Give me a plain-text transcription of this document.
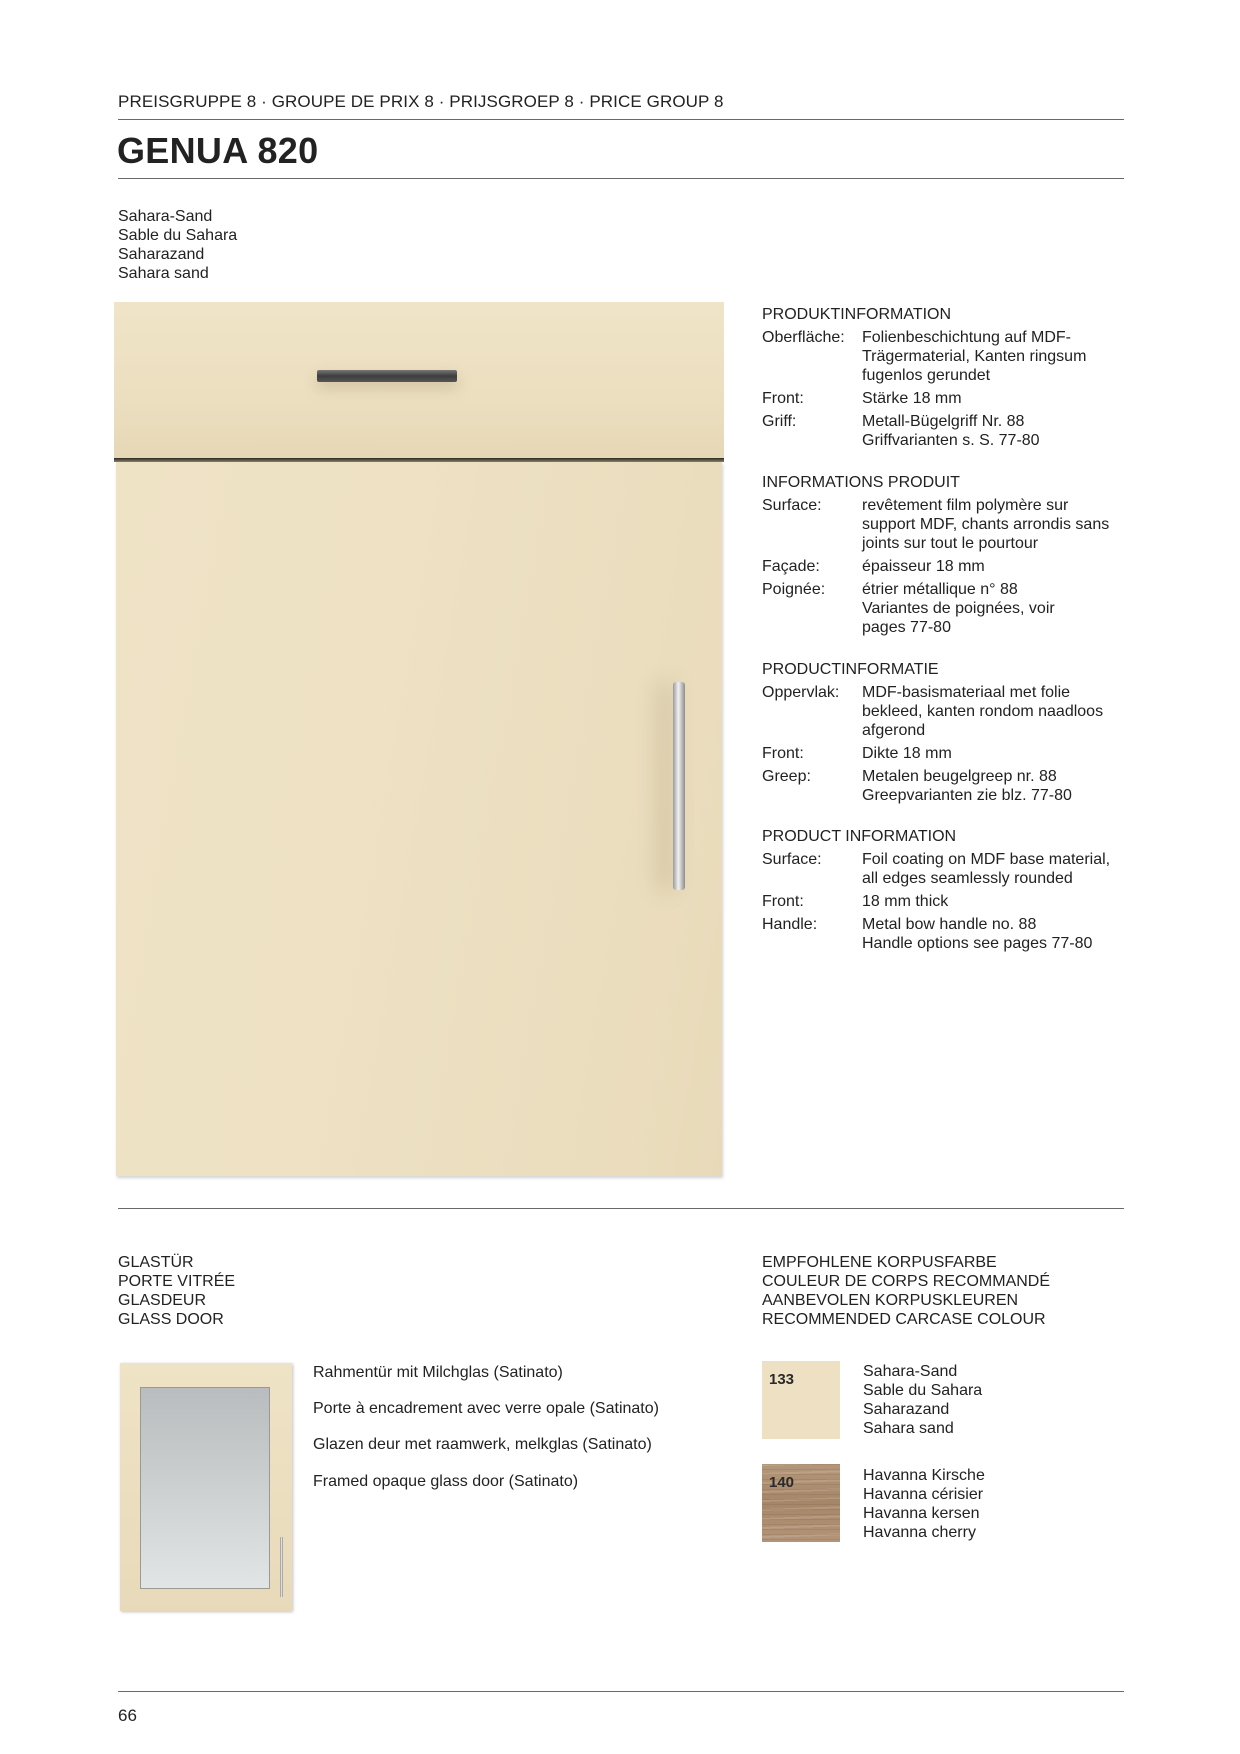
PREISGRUPPE 8 · GROUPE DE PRIX 8 · PRIJSGROEP 8 · PRICE GROUP 8
GENUA 820
Sahara-Sand
Sable du Sahara
Saharazand
Sahara sand
PRODUKTINFORMATION
Oberfläche:	Folienbeschichtung auf MDF-
Trägermaterial, Kanten ringsum
fugenlos gerundet
Front:	Stärke 18 mm
Griff:	Metall-Bügelgriff Nr. 88
Griffvarianten s. S. 77-80
INFORMATIONS PRODUIT
Surface:	revêtement film polymère sur
support MDF, chants arrondis sans
joints sur tout le pourtour
Façade:	épaisseur 18 mm
Poignée:	étrier métallique n° 88
Variantes de poignées, voir
pages 77-80
PRODUCTINFORMATIE
Oppervlak:	MDF-basismateriaal met folie
bekleed, kanten rondom naadloos
afgerond
Front:	Dikte 18 mm
Greep:	Metalen beugelgreep nr. 88
Greepvarianten zie blz. 77-80
PRODUCT INFORMATION
Surface:	Foil coating on MDF base material,
all edges seamlessly rounded
Front:	18 mm thick
Handle:	Metal bow handle no. 88
Handle options see pages 77-80
GLASTÜR
PORTE VITRÉE
GLASDEUR
GLASS DOOR
Rahmentür mit Milchglas (Satinato)
Porte à encadrement avec verre opale (Satinato)
Glazen deur met raamwerk, melkglas (Satinato)
Framed opaque glass door (Satinato)
EMPFOHLENE KORPUSFARBE
COULEUR DE CORPS RECOMMANDÉ
AANBEVOLEN KORPUSKLEUREN
RECOMMENDED CARCASE COLOUR
133	Sahara-Sand
Sable du Sahara
Saharazand
Sahara sand
140	Havanna Kirsche
Havanna cérisier
Havanna kersen
Havanna cherry
66
